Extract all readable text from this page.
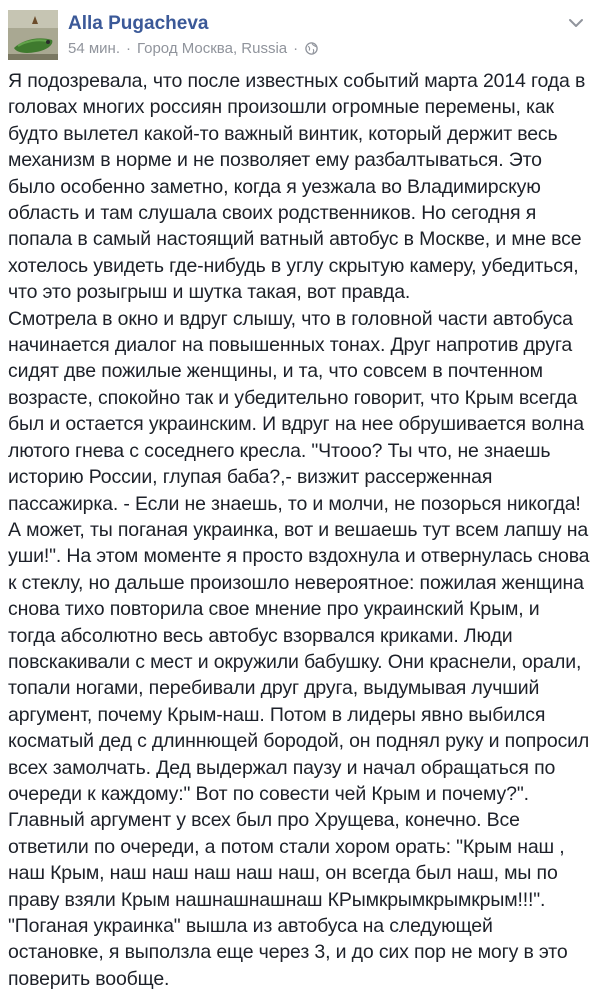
Alla Pugacheva
54 мин. · Город Москва, Russia ·

Я подозревала, что после известных событий марта 2014 года в головах многих россиян произошли огромные перемены, как будто вылетел какой-то важный винтик, который держит весь механизм в норме и не позволяет ему разбалтываться. Это было особенно заметно, когда я уезжала во Владимирскую область и там слушала своих родственников. Но сегодня я попала в самый настоящий ватный автобус в Москве, и мне все хотелось увидеть где-нибудь в углу скрытую камеру, убедиться, что это розыгрыш и шутка такая, вот правда.

Смотрела в окно и вдруг слышу, что в головной части автобуса начинается диалог на повышенных тонах. Друг напротив друга сидят две пожилые женщины, и та, что совсем в почтенном возрасте, спокойно так и убедительно говорит, что Крым всегда был и остается украинским. И вдруг на нее обрушивается волна лютого гнева с соседнего кресла. "Чтооо? Ты что, не знаешь историю России, глупая баба?,- визжит рассерженная пассажирка. - Если не знаешь, то и молчи, не позорься никогда! А может, ты поганая украинка, вот и вешаешь тут всем лапшу на уши!". На этом моменте я просто вздохнула и отвернулась снова к стеклу, но дальше произошло невероятное: пожилая женщина снова тихо повторила свое мнение про украинский Крым, и тогда абсолютно весь автобус взорвался криками. Люди повскакивали с мест и окружили бабушку. Они краснели, орали, топали ногами, перебивали друг друга, выдумывая лучший аргумент, почему Крым-наш. Потом в лидеры явно выбился косматый дед с длиннющей бородой, он поднял руку и попросил всех замолчать. Дед выдержал паузу и начал обращаться по очереди к каждому:" Вот по совести чей Крым и почему?". Главный аргумент у всех был про Хрущева, конечно. Все ответили по очереди, а потом стали хором орать: "Крым наш , наш Крым, наш наш наш наш наш, он всегда был наш, мы по праву взяли Крым нашнашнашнаш КРымкрымкрымкрым!!!".

"Поганая украинка" вышла из автобуса на следующей остановке, я выползла еще через 3, и до сих пор не могу в это поверить вообще.
